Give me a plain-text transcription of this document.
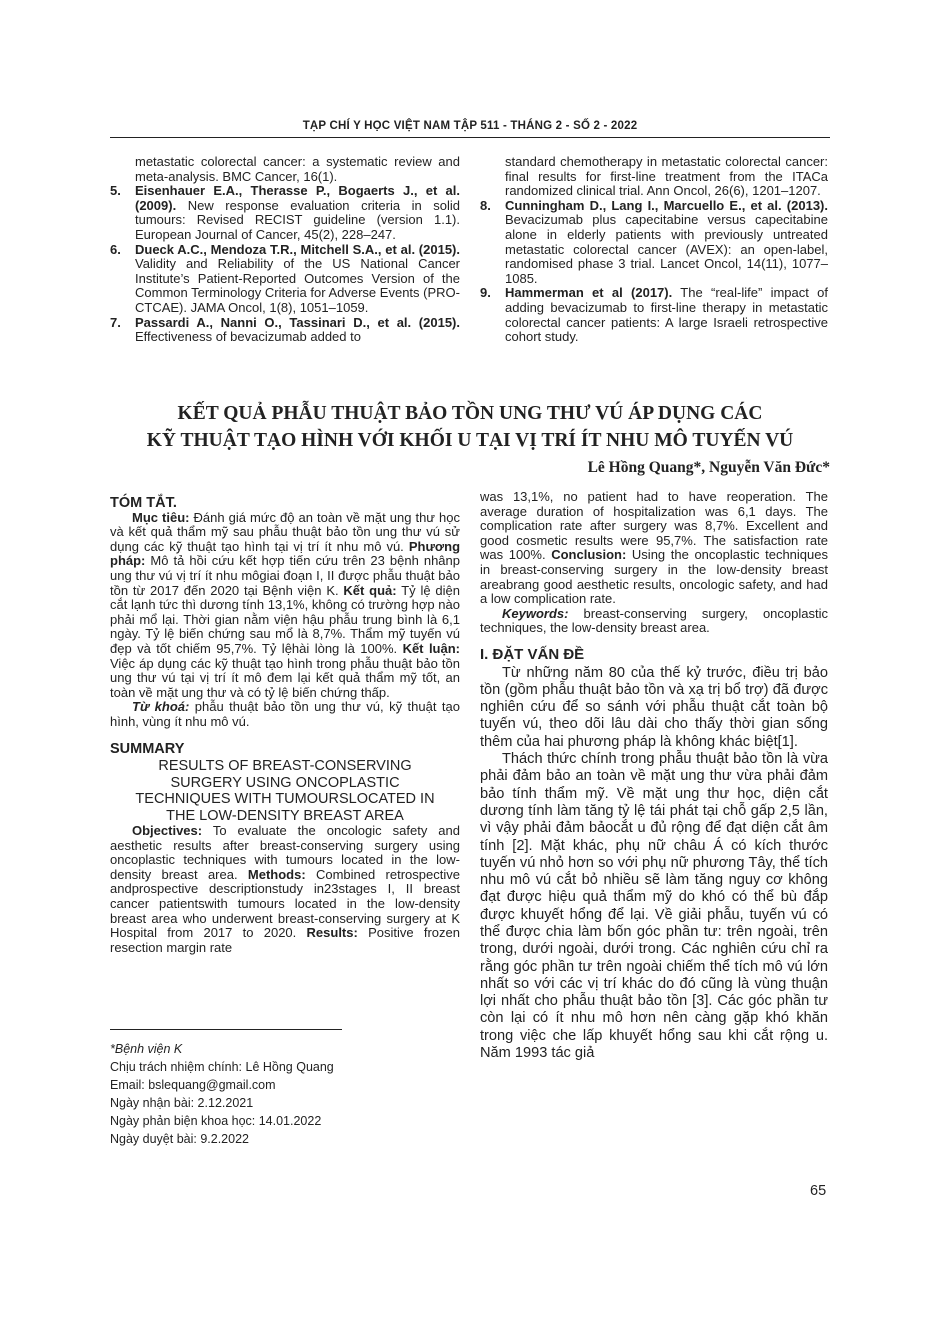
TẠP CHÍ Y HỌC VIỆT NAM TẬP 511 - THÁNG 2 - SỐ 2 - 2022

metastatic colorectal cancer: a systematic review and meta-analysis. BMC Cancer, 16(1).

5. Eisenhauer E.A., Therasse P., Bogaerts J., et al. (2009). New response evaluation criteria in solid tumours: Revised RECIST guideline (version 1.1). European Journal of Cancer, 45(2), 228–247.

6. Dueck A.C., Mendoza T.R., Mitchell S.A., et al. (2015). Validity and Reliability of the US National Cancer Institute’s Patient-Reported Outcomes Version of the Common Terminology Criteria for Adverse Events (PRO-CTCAE). JAMA Oncol, 1(8), 1051–1059.

7. Passardi A., Nanni O., Tassinari D., et al. (2015). Effectiveness of bevacizumab added to

standard chemotherapy in metastatic colorectal cancer: final results for first-line treatment from the ITACa randomized clinical trial. Ann Oncol, 26(6), 1201–1207.

8. Cunningham D., Lang I., Marcuello E., et al. (2013). Bevacizumab plus capecitabine versus capecitabine alone in elderly patients with previously untreated metastatic colorectal cancer (AVEX): an open-label, randomised phase 3 trial. Lancet Oncol, 14(11), 1077–1085.

9. Hammerman et al (2017). The “real-life” impact of adding bevacizumab to first-line therapy in metastatic colorectal cancer patients: A large Israeli retrospective cohort study.

KẾT QUẢ PHẪU THUẬT BẢO TỒN UNG THƯ VÚ ÁP DỤNG CÁC
KỸ THUẬT TẠO HÌNH VỚI KHỐI U TẠI VỊ TRÍ ÍT NHU MÔ TUYẾN VÚ
Lê Hồng Quang*, Nguyễn Văn Đức*

TÓM TẮT.

Mục tiêu: Đánh giá mức độ an toàn về mặt ung thư học và kết quả thẩm mỹ sau phẫu thuật bảo tồn ung thư vú sử dụng các kỹ thuật tạo hình tại vị trí ít nhu mô vú. Phương pháp: Mô tả hồi cứu kết hợp tiến cứu trên 23 bệnh nhânp ung thư vú vị trí ít nhu môgiai đoạn I, II được phẫu thuật bảo tồn từ 2017 đến 2020 tại Bệnh viện K. Kết quả: Tỷ lệ diện cắt lạnh tức thì dương tính 13,1%, không có trường hợp nào phải mổ lại. Thời gian nằm viện hậu phẫu trung bình là 6,1 ngày. Tỷ lệ biến chứng sau mổ là 8,7%. Thẩm mỹ tuyến vú đẹp và tốt chiếm 95,7%. Tỷ lệhài lòng là 100%. Kết luận: Việc áp dụng các kỹ thuật tạo hình trong phẫu thuật bảo tồn ung thư vú tại vị trí ít mô đem lại kết quả thẩm mỹ tốt, an toàn về mặt ung thư và có tỷ lệ biến chứng thấp.

Từ khoá: phẫu thuật bảo tồn ung thư vú, kỹ thuật tạo hình, vùng ít nhu mô vú.

SUMMARY

RESULTS OF BREAST-CONSERVING SURGERY USING ONCOPLASTIC TECHNIQUES WITH TUMOURSLOCATED IN THE LOW-DENSITY BREAST AREA

Objectives: To evaluate the oncologic safety and aesthetic results after breast-conserving surgery using oncoplastic techniques with tumours located in the low-density breast area. Methods: Combined retrospective andprospective descriptionstudy in23stages I, II breast cancer patientswith tumours located in the low-density breast area who underwent breast-conserving surgery at K Hospital from 2017 to 2020. Results: Positive frozen resection margin rate

*Bệnh viện K
Chịu trách nhiệm chính: Lê Hồng Quang
Email: bslequang@gmail.com
Ngày nhận bài: 2.12.2021
Ngày phản biện khoa học: 14.01.2022
Ngày duyệt bài: 9.2.2022

was 13,1%, no patient had to have reoperation. The average duration of hospitalization was 6,1 days. The complication rate after surgery was 8,7%. Excellent and good cosmetic results were 95,7%. The satisfaction rate was 100%. Conclusion: Using the oncoplastic techniques in breast-conserving surgery in the low-density breast areabrang good aesthetic results, oncologic safety, and had a low complication rate.

Keywords: breast-conserving surgery, oncoplastic techniques, the low-density breast area.

I. ĐẶT VẤN ĐỀ

Từ những năm 80 của thế kỷ trước, điều trị bảo tồn (gồm phẫu thuật bảo tồn và xạ trị bổ trợ) đã được nghiên cứu để so sánh với phẫu thuật cắt toàn bộ tuyến vú, theo dõi lâu dài cho thấy thời gian sống thêm của hai phương pháp là không khác biệt[1].

Thách thức chính trong phẫu thuật bảo tồn là vừa phải đảm bảo an toàn về mặt ung thư vừa phải đảm bảo tính thẩm mỹ. Về mặt ung thư học, diện cắt dương tính làm tăng tỷ lệ tái phát tại chỗ gấp 2,5 lần, vì vậy phải đảm bảocắt u đủ rộng để đạt diện cắt âm tính [2]. Mặt khác, phụ nữ châu Á có kích thước tuyến vú nhỏ hơn so với phụ nữ phương Tây, thể tích nhu mô vú cắt bỏ nhiều sẽ làm tăng nguy cơ không đạt được hiệu quả thẩm mỹ do khó có thể bù đắp được khuyết hổng để lại. Về giải phẫu, tuyến vú có thể được chia làm bốn góc phần tư: trên ngoài, trên trong, dưới ngoài, dưới trong. Các nghiên cứu chỉ ra rằng góc phần tư trên ngoài chiếm thể tích mô vú lớn nhất so với các vị trí khác do đó cũng là vùng thuận lợi nhất cho phẫu thuật bảo tồn [3]. Các góc phần tư còn lại có ít nhu mô hơn nên càng gặp khó khăn trong việc che lấp khuyết hổng sau khi cắt rộng u. Năm 1993 tác giả

65
